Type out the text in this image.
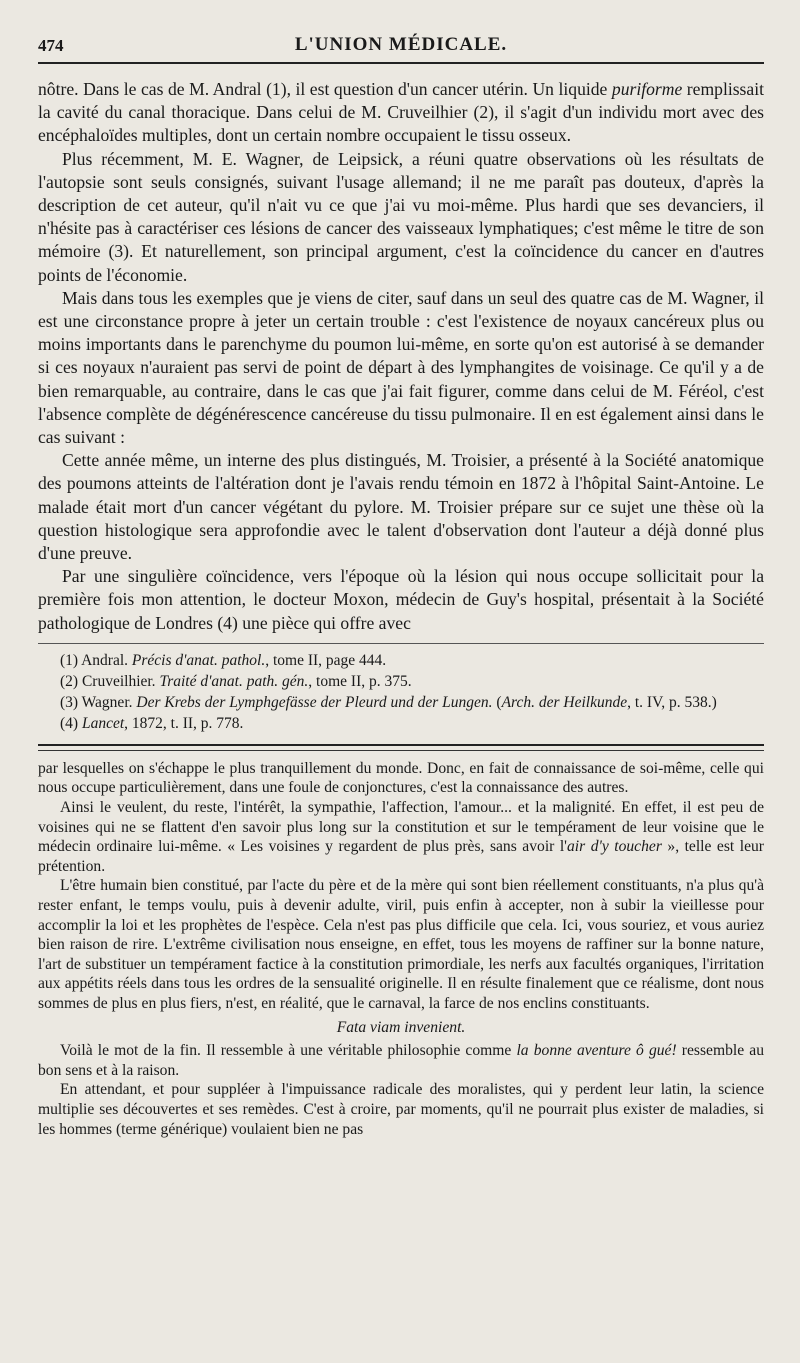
474	L'UNION MÉDICALE.

nôtre. Dans le cas de M. Andral (1), il est question d'un cancer utérin. Un liquide puriforme remplissait la cavité du canal thoracique. Dans celui de M. Cruveilhier (2), il s'agit d'un individu mort avec des encéphaloïdes multiples, dont un certain nombre occupaient le tissu osseux.

Plus récemment, M. E. Wagner, de Leipsick, a réuni quatre observations où les résultats de l'autopsie sont seuls consignés, suivant l'usage allemand; il ne me paraît pas douteux, d'après la description de cet auteur, qu'il n'ait vu ce que j'ai vu moi-même. Plus hardi que ses devanciers, il n'hésite pas à caractériser ces lésions de cancer des vaisseaux lymphatiques; c'est même le titre de son mémoire (3). Et naturellement, son principal argument, c'est la coïncidence du cancer en d'autres points de l'économie.

Mais dans tous les exemples que je viens de citer, sauf dans un seul des quatre cas de M. Wagner, il est une circonstance propre à jeter un certain trouble : c'est l'existence de noyaux cancéreux plus ou moins importants dans le parenchyme du poumon lui-même, en sorte qu'on est autorisé à se demander si ces noyaux n'auraient pas servi de point de départ à des lymphangites de voisinage. Ce qu'il y a de bien remarquable, au contraire, dans le cas que j'ai fait figurer, comme dans celui de M. Féréol, c'est l'absence complète de dégénérescence cancéreuse du tissu pulmonaire. Il en est également ainsi dans le cas suivant :

Cette année même, un interne des plus distingués, M. Troisier, a présenté à la Société anatomique des poumons atteints de l'altération dont je l'avais rendu témoin en 1872 à l'hôpital Saint-Antoine. Le malade était mort d'un cancer végétant du pylore. M. Troisier prépare sur ce sujet une thèse où la question histologique sera approfondie avec le talent d'observation dont l'auteur a déjà donné plus d'une preuve.

Par une singulière coïncidence, vers l'époque où la lésion qui nous occupe sollicitait pour la première fois mon attention, le docteur Moxon, médecin de Guy's hospital, présentait à la Société pathologique de Londres (4) une pièce qui offre avec

(1) Andral. Précis d'anat. pathol., tome II, page 444.
(2) Cruveilhier. Traité d'anat. path. gén., tome II, p. 375.
(3) Wagner. Der Krebs der Lymphgefässe der Pleurd und der Lungen. (Arch. der Heilkunde, t. IV, p. 538.)
(4) Lancet, 1872, t. II, p. 778.

par lesquelles on s'échappe le plus tranquillement du monde. Donc, en fait de connaissance de soi-même, celle qui nous occupe particulièrement, dans une foule de conjonctures, c'est la connaissance des autres.

Ainsi le veulent, du reste, l'intérêt, la sympathie, l'affection, l'amour... et la malignité. En effet, il est peu de voisines qui ne se flattent d'en savoir plus long sur la constitution et sur le tempérament de leur voisine que le médecin ordinaire lui-même. « Les voisines y regardent de plus près, sans avoir l'air d'y toucher », telle est leur prétention.

L'être humain bien constitué, par l'acte du père et de la mère qui sont bien réellement constituants, n'a plus qu'à rester enfant, le temps voulu, puis à devenir adulte, viril, puis enfin à accepter, non à subir la vieillesse pour accomplir la loi et les prophètes de l'espèce. Cela n'est pas plus difficile que cela. Ici, vous souriez, et vous auriez bien raison de rire. L'extrême civilisation nous enseigne, en effet, tous les moyens de raffiner sur la bonne nature, l'art de substituer un tempérament factice à la constitution primordiale, les nerfs aux facultés organiques, l'irritation aux appétits réels dans tous les ordres de la sensualité originelle. Il en résulte finalement que ce réalisme, dont nous sommes de plus en plus fiers, n'est, en réalité, que le carnaval, la farce de nos enclins constituants.

Fata viam invenient.

Voilà le mot de la fin. Il ressemble à une véritable philosophie comme la bonne aventure ô gué! ressemble au bon sens et à la raison.

En attendant, et pour suppléer à l'impuissance radicale des moralistes, qui y perdent leur latin, la science multiplie ses découvertes et ses remèdes. C'est à croire, par moments, qu'il ne pourrait plus exister de maladies, si les hommes (terme générique) voulaient bien ne pas
